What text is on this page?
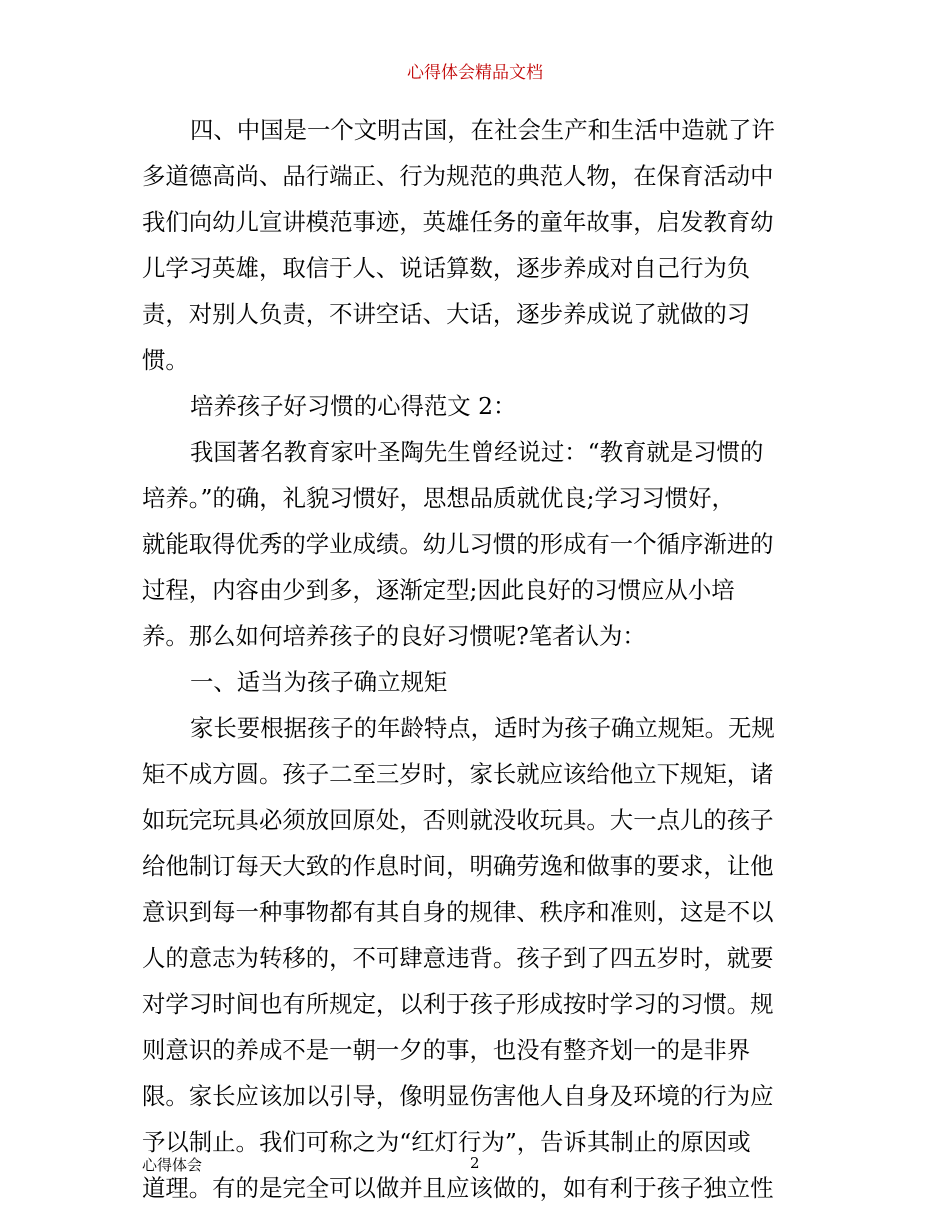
心得体会精品文档
四、中国是一个文明古国，在社会生产和生活中造就了许
多道德高尚、品行端正、行为规范的典范人物，在保育活动中
我们向幼儿宣讲模范事迹，英雄任务的童年故事，启发教育幼
儿学习英雄，取信于人、说话算数，逐步养成对自己行为负
责，对别人负责，不讲空话、大话，逐步养成说了就做的习
惯。
培养孩子好习惯的心得范文 2：
我国著名教育家叶圣陶先生曾经说过：“教育就是习惯的
培养。”的确，礼貌习惯好，思想品质就优良;学习习惯好，
就能取得优秀的学业成绩。幼儿习惯的形成有一个循序渐进的
过程，内容由少到多，逐渐定型;因此良好的习惯应从小培
养。那么如何培养孩子的良好习惯呢?笔者认为：
一、适当为孩子确立规矩
家长要根据孩子的年龄特点，适时为孩子确立规矩。无规
矩不成方圆。孩子二至三岁时，家长就应该给他立下规矩，诸
如玩完玩具必须放回原处，否则就没收玩具。大一点儿的孩子
给他制订每天大致的作息时间，明确劳逸和做事的要求，让他
意识到每一种事物都有其自身的规律、秩序和准则，这是不以
人的意志为转移的，不可肆意违背。孩子到了四五岁时，就要
对学习时间也有所规定，以利于孩子形成按时学习的习惯。规
则意识的养成不是一朝一夕的事，也没有整齐划一的是非界
限。家长应该加以引导，像明显伤害他人自身及环境的行为应
予以制止。我们可称之为“红灯行为”，告诉其制止的原因或
道理。有的是完全可以做并且应该做的，如有利于孩子独立性
心得体会	2
